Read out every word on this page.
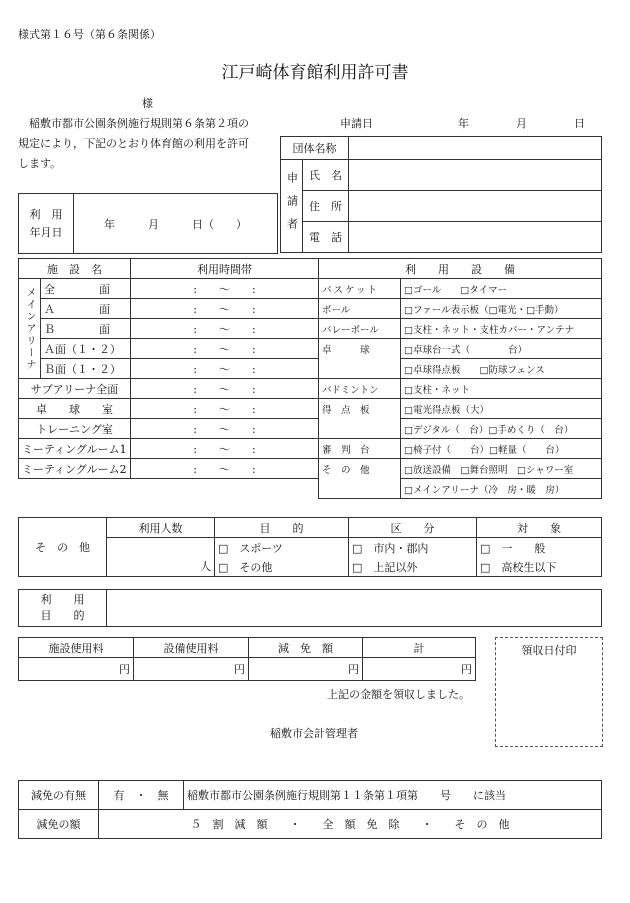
様式第１６号（第６条関係）
江戸崎体育館利用許可書
様
　稲敷市都市公園条例施行規則第６条第２項の
規定により，下記のとおり体育館の利用を許可
します。
申請日	年	月	日
利　用
年月日
	年　　　月　　　日（　　）
団体名称		
申請者	氏　名	
	住　所	
	電　話	
施　設　名		利用時間帯	利　　用　　設　　備	
メインアリーナ	全　　　　面	:　　〜　　:	バスケット	□ゴール　　□タイマー
	Ａ　　　　面	:　　〜　　:	ボール	□ファール表示板（□電光・□手動）
	Ｂ　　　　面	:　　〜　　:	バレーボール	□支柱・ネット・支柱カバー・アンテナ
	Ａ面（１・２）	:　　〜　　:	卓　　　球	□卓球台一式（　　　　台）
	Ｂ面（１・２）	:　　〜　　:		□卓球得点板　　□防球フェンス
サブアリーナ全面		:　　〜　　:	バドミントン	□支柱・ネット
卓　　球　　室		:　　〜　　:	得　点　板	□電光得点板（大）
トレーニング室		:　　〜　　:		□デジタル（　台）□手めくり（　台）
ミーティングルーム1		:　　〜　　:	審　判　台	□椅子付（　　台）□軽量（　　台）
ミーティングルーム2		:　　〜　　:	そ　の　他	□放送設備　□舞台照明　□シャワー室
				□メインアリーナ（冷　房・暖　房）
そ　の　他	利用人数	目　　的	区　　分	対　　象
	人	□　スポーツ	□　市内・郡内	□　一　　般
		□　その他	□　上記以外	□　高校生以下
利　　用
目　　的

施設使用料	設備使用料	減　免　額	計
円	円	円	円
上記の金額を領収しました。
稲敷市会計管理者
領収日付印
減免の有無	有　・　無	稲敷市都市公園条例施行規則第１１条第１項第　　号　　に該当
減免の額	５　割　減　額　　・　　全　額　免　除　　・　　そ　の　他	
